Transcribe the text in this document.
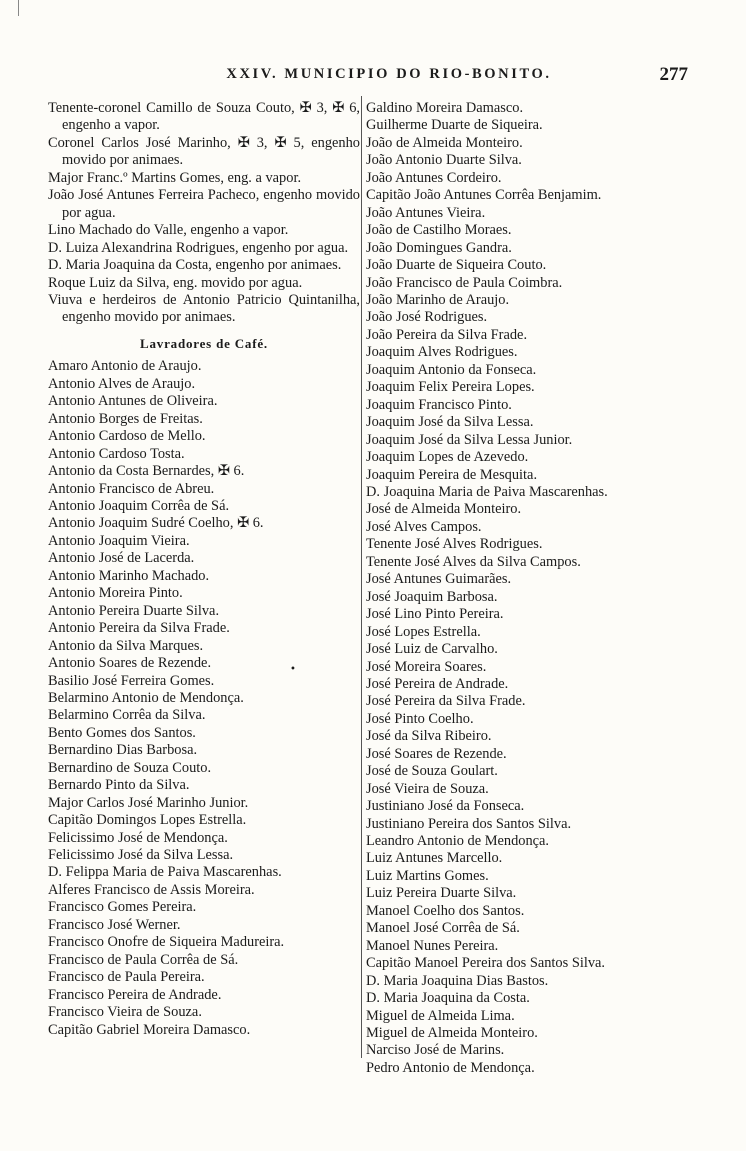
XXIV. MUNICIPIO DO RIO-BONITO.	277

Tenente-coronel Camillo de Souza Couto, ✠ 3, ✠ 6, engenho a vapor.

Coronel Carlos José Marinho, ✠ 3, ✠ 5, engenho movido por animaes.

Major Franc.º Martins Gomes, eng. a vapor.

João José Antunes Ferreira Pacheco, engenho movido por agua.

Lino Machado do Valle, engenho a vapor.

D. Luiza Alexandrina Rodrigues, engenho por agua.

D. Maria Joaquina da Costa, engenho por animaes.

Roque Luiz da Silva, eng. movido por agua.

Viuva e herdeiros de Antonio Patricio Quintanilha, engenho movido por animaes.

Lavradores de Café.

Amaro Antonio de Araujo.

Antonio Alves de Araujo.

Antonio Antunes de Oliveira.

Antonio Borges de Freitas.

Antonio Cardoso de Mello.

Antonio Cardoso Tosta.

Antonio da Costa Bernardes, ✠ 6.

Antonio Francisco de Abreu.

Antonio Joaquim Corrêa de Sá.

Antonio Joaquim Sudré Coelho, ✠ 6.

Antonio Joaquim Vieira.

Antonio José de Lacerda.

Antonio Marinho Machado.

Antonio Moreira Pinto.

Antonio Pereira Duarte Silva.

Antonio Pereira da Silva Frade.

Antonio da Silva Marques.

Antonio Soares de Rezende.

Basilio José Ferreira Gomes.

Belarmino Antonio de Mendonça.

Belarmino Corrêa da Silva.

Bento Gomes dos Santos.

Bernardino Dias Barbosa.

Bernardino de Souza Couto.

Bernardo Pinto da Silva.

Major Carlos José Marinho Junior.

Capitão Domingos Lopes Estrella.

Felicissimo José de Mendonça.

Felicissimo José da Silva Lessa.

D. Felippa Maria de Paiva Mascarenhas.

Alferes Francisco de Assis Moreira.

Francisco Gomes Pereira.

Francisco José Werner.

Francisco Onofre de Siqueira Madureira.

Francisco de Paula Corrêa de Sá.

Francisco de Paula Pereira.

Francisco Pereira de Andrade.

Francisco Vieira de Souza.

Capitão Gabriel Moreira Damasco.

Galdino Moreira Damasco.

Guilherme Duarte de Siqueira.

João de Almeida Monteiro.

João Antonio Duarte Silva.

João Antunes Cordeiro.

Capitão João Antunes Corrêa Benjamim.

João Antunes Vieira.

João de Castilho Moraes.

João Domingues Gandra.

João Duarte de Siqueira Couto.

João Francisco de Paula Coimbra.

João Marinho de Araujo.

João José Rodrigues.

João Pereira da Silva Frade.

Joaquim Alves Rodrigues.

Joaquim Antonio da Fonseca.

Joaquim Felix Pereira Lopes.

Joaquim Francisco Pinto.

Joaquim José da Silva Lessa.

Joaquim José da Silva Lessa Junior.

Joaquim Lopes de Azevedo.

Joaquim Pereira de Mesquita.

D. Joaquina Maria de Paiva Mascarenhas.

José de Almeida Monteiro.

José Alves Campos.

Tenente José Alves Rodrigues.

Tenente José Alves da Silva Campos.

José Antunes Guimarães.

José Joaquim Barbosa.

José Lino Pinto Pereira.

José Lopes Estrella.

José Luiz de Carvalho.

José Moreira Soares.

José Pereira de Andrade.

José Pereira da Silva Frade.

José Pinto Coelho.

José da Silva Ribeiro.

José Soares de Rezende.

José de Souza Goulart.

José Vieira de Souza.

Justiniano José da Fonseca.

Justiniano Pereira dos Santos Silva.

Leandro Antonio de Mendonça.

Luiz Antunes Marcello.

Luiz Martins Gomes.

Luiz Pereira Duarte Silva.

Manoel Coelho dos Santos.

Manoel José Corrêa de Sá.

Manoel Nunes Pereira.

Capitão Manoel Pereira dos Santos Silva.

D. Maria Joaquina Dias Bastos.

D. Maria Joaquina da Costa.

Miguel de Almeida Lima.

Miguel de Almeida Monteiro.

Narciso José de Marins.

Pedro Antonio de Mendonça.

•
